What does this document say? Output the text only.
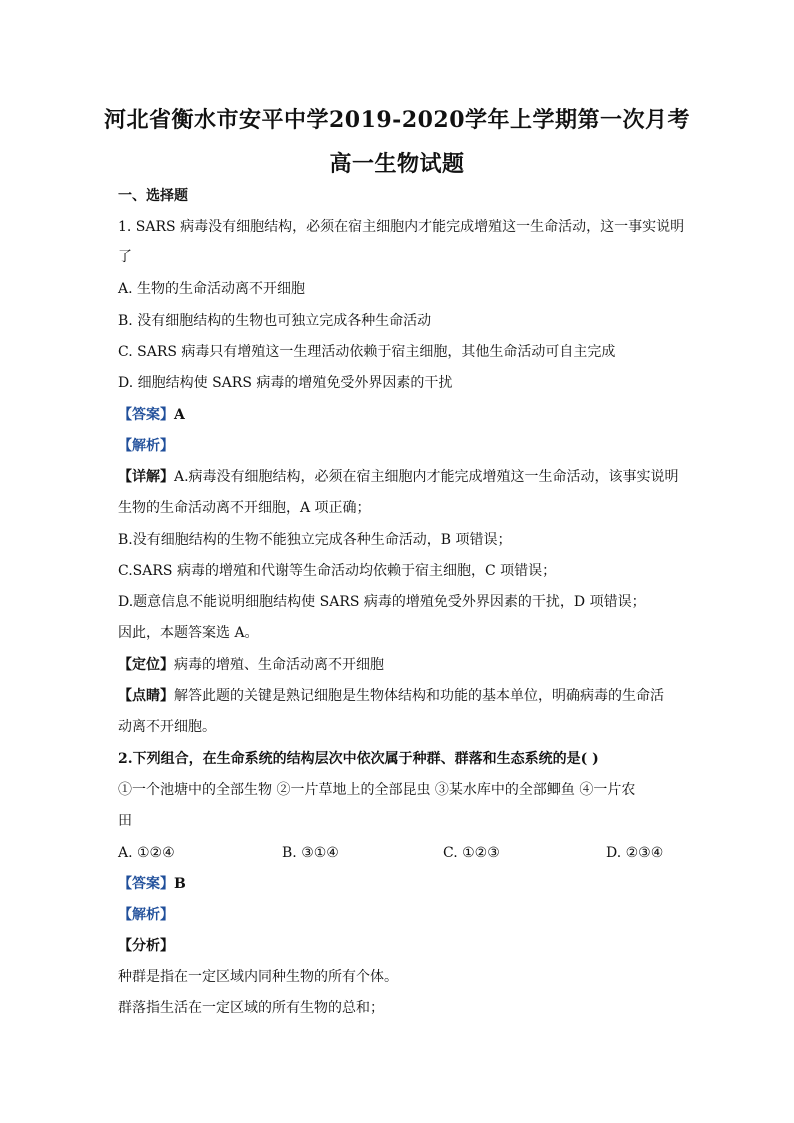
河北省衡水市安平中学2019-2020学年上学期第一次月考
高一生物试题
一、选择题
1. SARS 病毒没有细胞结构，必须在宿主细胞内才能完成增殖这一生命活动，这一事实说明
了
A. 生物的生命活动离不开细胞
B. 没有细胞结构的生物也可独立完成各种生命活动
C. SARS 病毒只有增殖这一生理活动依赖于宿主细胞，其他生命活动可自主完成
D. 细胞结构使 SARS 病毒的增殖免受外界因素的干扰
【答案】A
【解析】
【详解】A.病毒没有细胞结构，必须在宿主细胞内才能完成增殖这一生命活动，该事实说明
生物的生命活动离不开细胞，A 项正确；
B.没有细胞结构的生物不能独立完成各种生命活动，B 项错误；
C.SARS 病毒的增殖和代谢等生命活动均依赖于宿主细胞，C 项错误；
D.题意信息不能说明细胞结构使 SARS 病毒的增殖免受外界因素的干扰，D 项错误；
因此，本题答案选 A。
【定位】病毒的增殖、生命活动离不开细胞
【点睛】解答此题的关键是熟记细胞是生物体结构和功能的基本单位，明确病毒的生命活
动离不开细胞。
2.下列组合，在生命系统的结构层次中依次属于种群、群落和生态系统的是( )
①一个池塘中的全部生物 ②一片草地上的全部昆虫 ③某水库中的全部鲫鱼 ④一片农
田
A. ①②④	B. ③①④	C. ①②③	D. ②③④
【答案】B
【解析】
【分析】
种群是指在一定区域内同种生物的所有个体。
群落指生活在一定区域的所有生物的总和；
